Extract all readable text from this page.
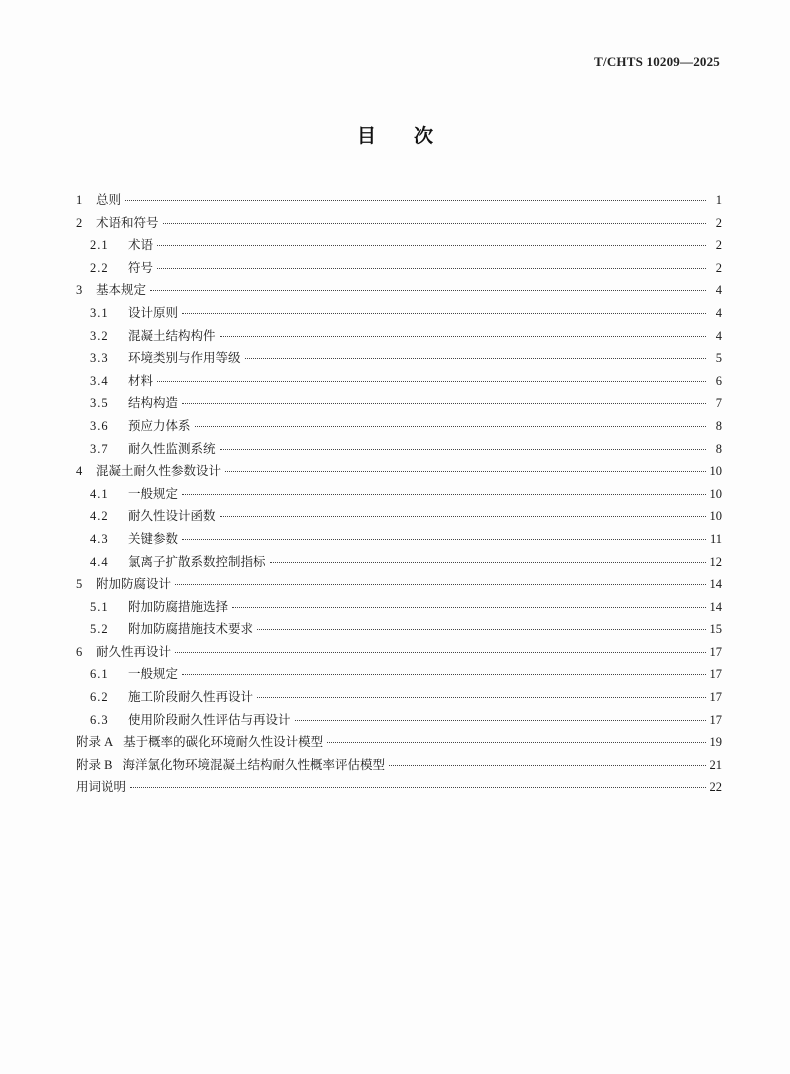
T/CHTS 10209—2025
目次
1	总则	1
2	术语和符号	2
2.1	术语	2
2.2	符号	2
3	基本规定	4
3.1	设计原则	4
3.2	混凝土结构构件	4
3.3	环境类别与作用等级	5
3.4	材料	6
3.5	结构构造	7
3.6	预应力体系	8
3.7	耐久性监测系统	8
4	混凝土耐久性参数设计	10
4.1	一般规定	10
4.2	耐久性设计函数	10
4.3	关键参数	11
4.4	氯离子扩散系数控制指标	12
5	附加防腐设计	14
5.1	附加防腐措施选择	14
5.2	附加防腐措施技术要求	15
6	耐久性再设计	17
6.1	一般规定	17
6.2	施工阶段耐久性再设计	17
6.3	使用阶段耐久性评估与再设计	17
附录 A 基于概率的碳化环境耐久性设计模型	19
附录 B 海洋氯化物环境混凝土结构耐久性概率评估模型	21
用词说明	22
